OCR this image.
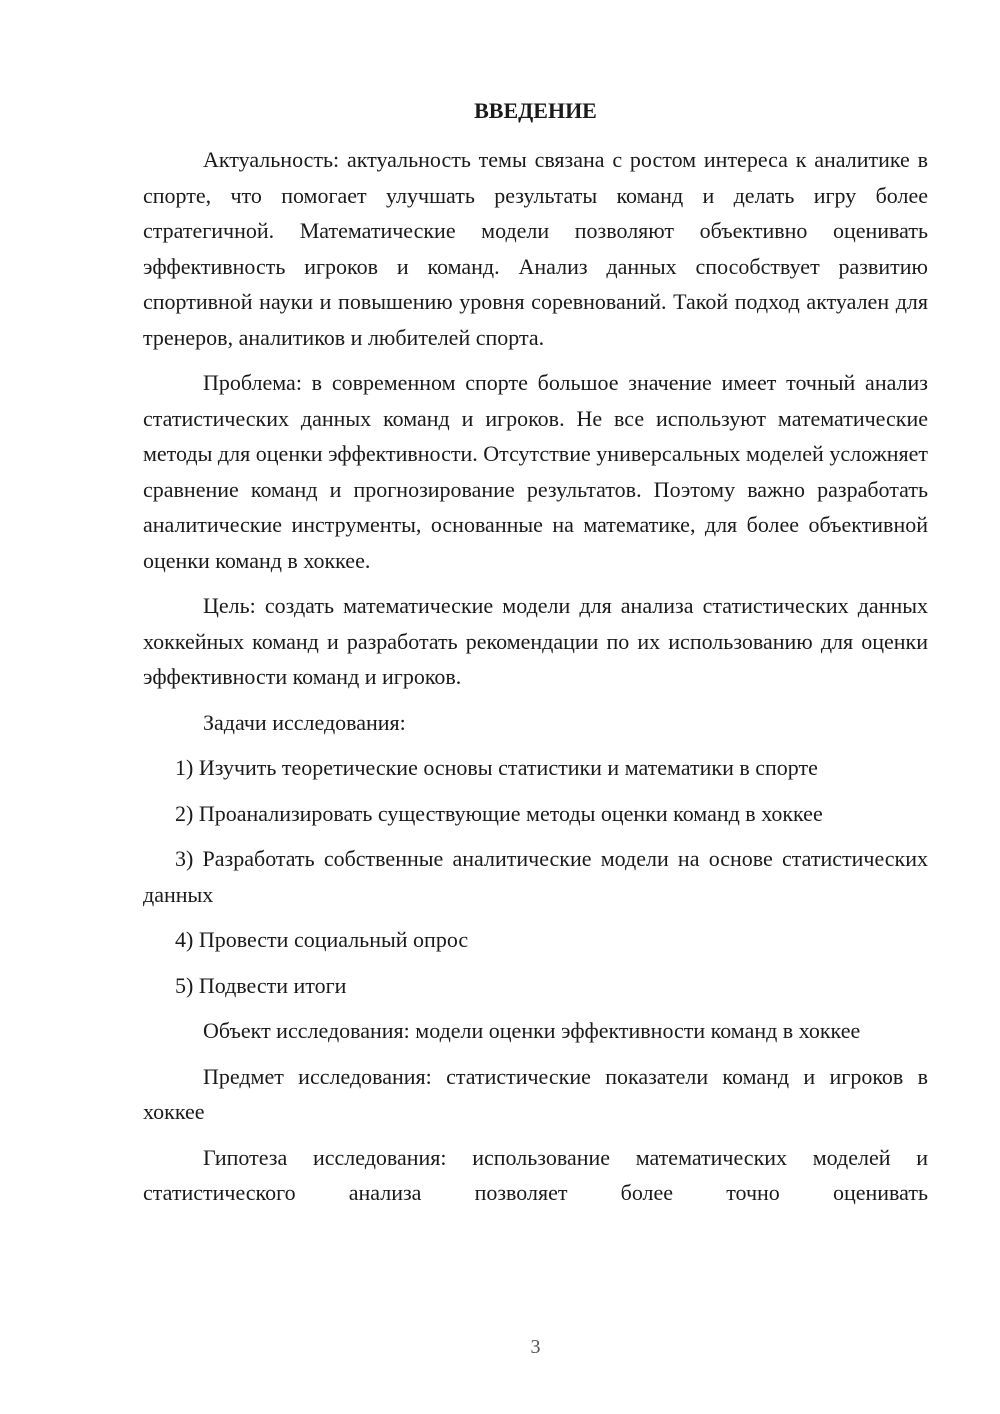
ВВЕДЕНИЕ

Актуальность: актуальность темы связана с ростом интереса к аналитике в спорте, что помогает улучшать результаты команд и делать игру более стратегичной. Математические модели позволяют объективно оценивать эффективность игроков и команд. Анализ данных способствует развитию спортивной науки и повышению уровня соревнований. Такой подход актуален для тренеров, аналитиков и любителей спорта.

Проблема: в современном спорте большое значение имеет точный анализ статистических данных команд и игроков. Не все используют математические методы для оценки эффективности. Отсутствие универсальных моделей усложняет сравнение команд и прогнозирование результатов. Поэтому важно разработать аналитические инструменты, основанные на математике, для более объективной оценки команд в хоккее.

Цель: создать математические модели для анализа статистических данных хоккейных команд и разработать рекомендации по их использованию для оценки эффективности команд и игроков.

Задачи исследования:

1) Изучить теоретические основы статистики и математики в спорте

2) Проанализировать существующие методы оценки команд в хоккее

3) Разработать собственные аналитические модели на основе статистических данных

4) Провести социальный опрос

5) Подвести итоги

Объект исследования: модели оценки эффективности команд в хоккее

Предмет исследования: статистические показатели команд и игроков в хоккее

Гипотеза исследования: использование математических моделей и статистического анализа позволяет более точно оценивать

3
